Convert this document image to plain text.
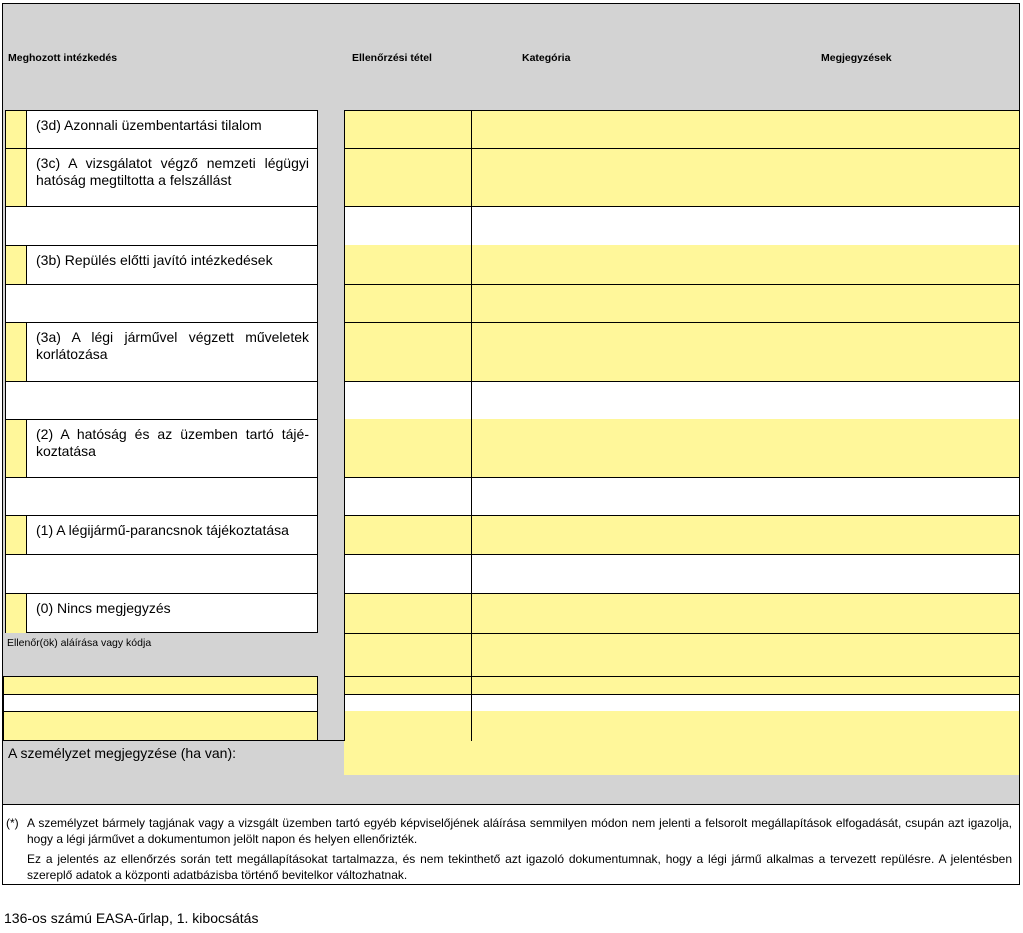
Meghozott intézkedés	Ellenőrzési tétel	Kategória	Megjegyzések
(3d) Azonnali üzembentartási tilalom
(3c) A vizsgálatot végző nemzeti légügyi hatóság megtiltotta a felszállást
(3b) Repülés előtti javító intézkedések
(3a) A légi járművel végzett műveletek korlátozása
(2) A hatóság és az üzemben tartó tájé- koztatása
(1) A légijármű-parancsnok tájékoztatása
(0) Nincs megjegyzés
Ellenőr(ök) aláírása vagy kódja
A személyzet megjegyzése (ha van):
(*) A személyzet bármely tagjának vagy a vizsgált üzemben tartó egyéb képviselőjének aláírása semmilyen módon nem jelenti a felsorolt megállapítások elfogadását, csupán azt igazolja, hogy a légi járművet a dokumentumon jelölt napon és helyen ellenőrizték.
Ez a jelentés az ellenőrzés során tett megállapításokat tartalmazza, és nem tekinthető azt igazoló dokumentumnak, hogy a légi jármű alkalmas a tervezett repülésre. A jelentésben szereplő adatok a központi adatbázisba történő bevitelkor változhatnak.
136-os számú EASA-űrlap, 1. kibocsátás
